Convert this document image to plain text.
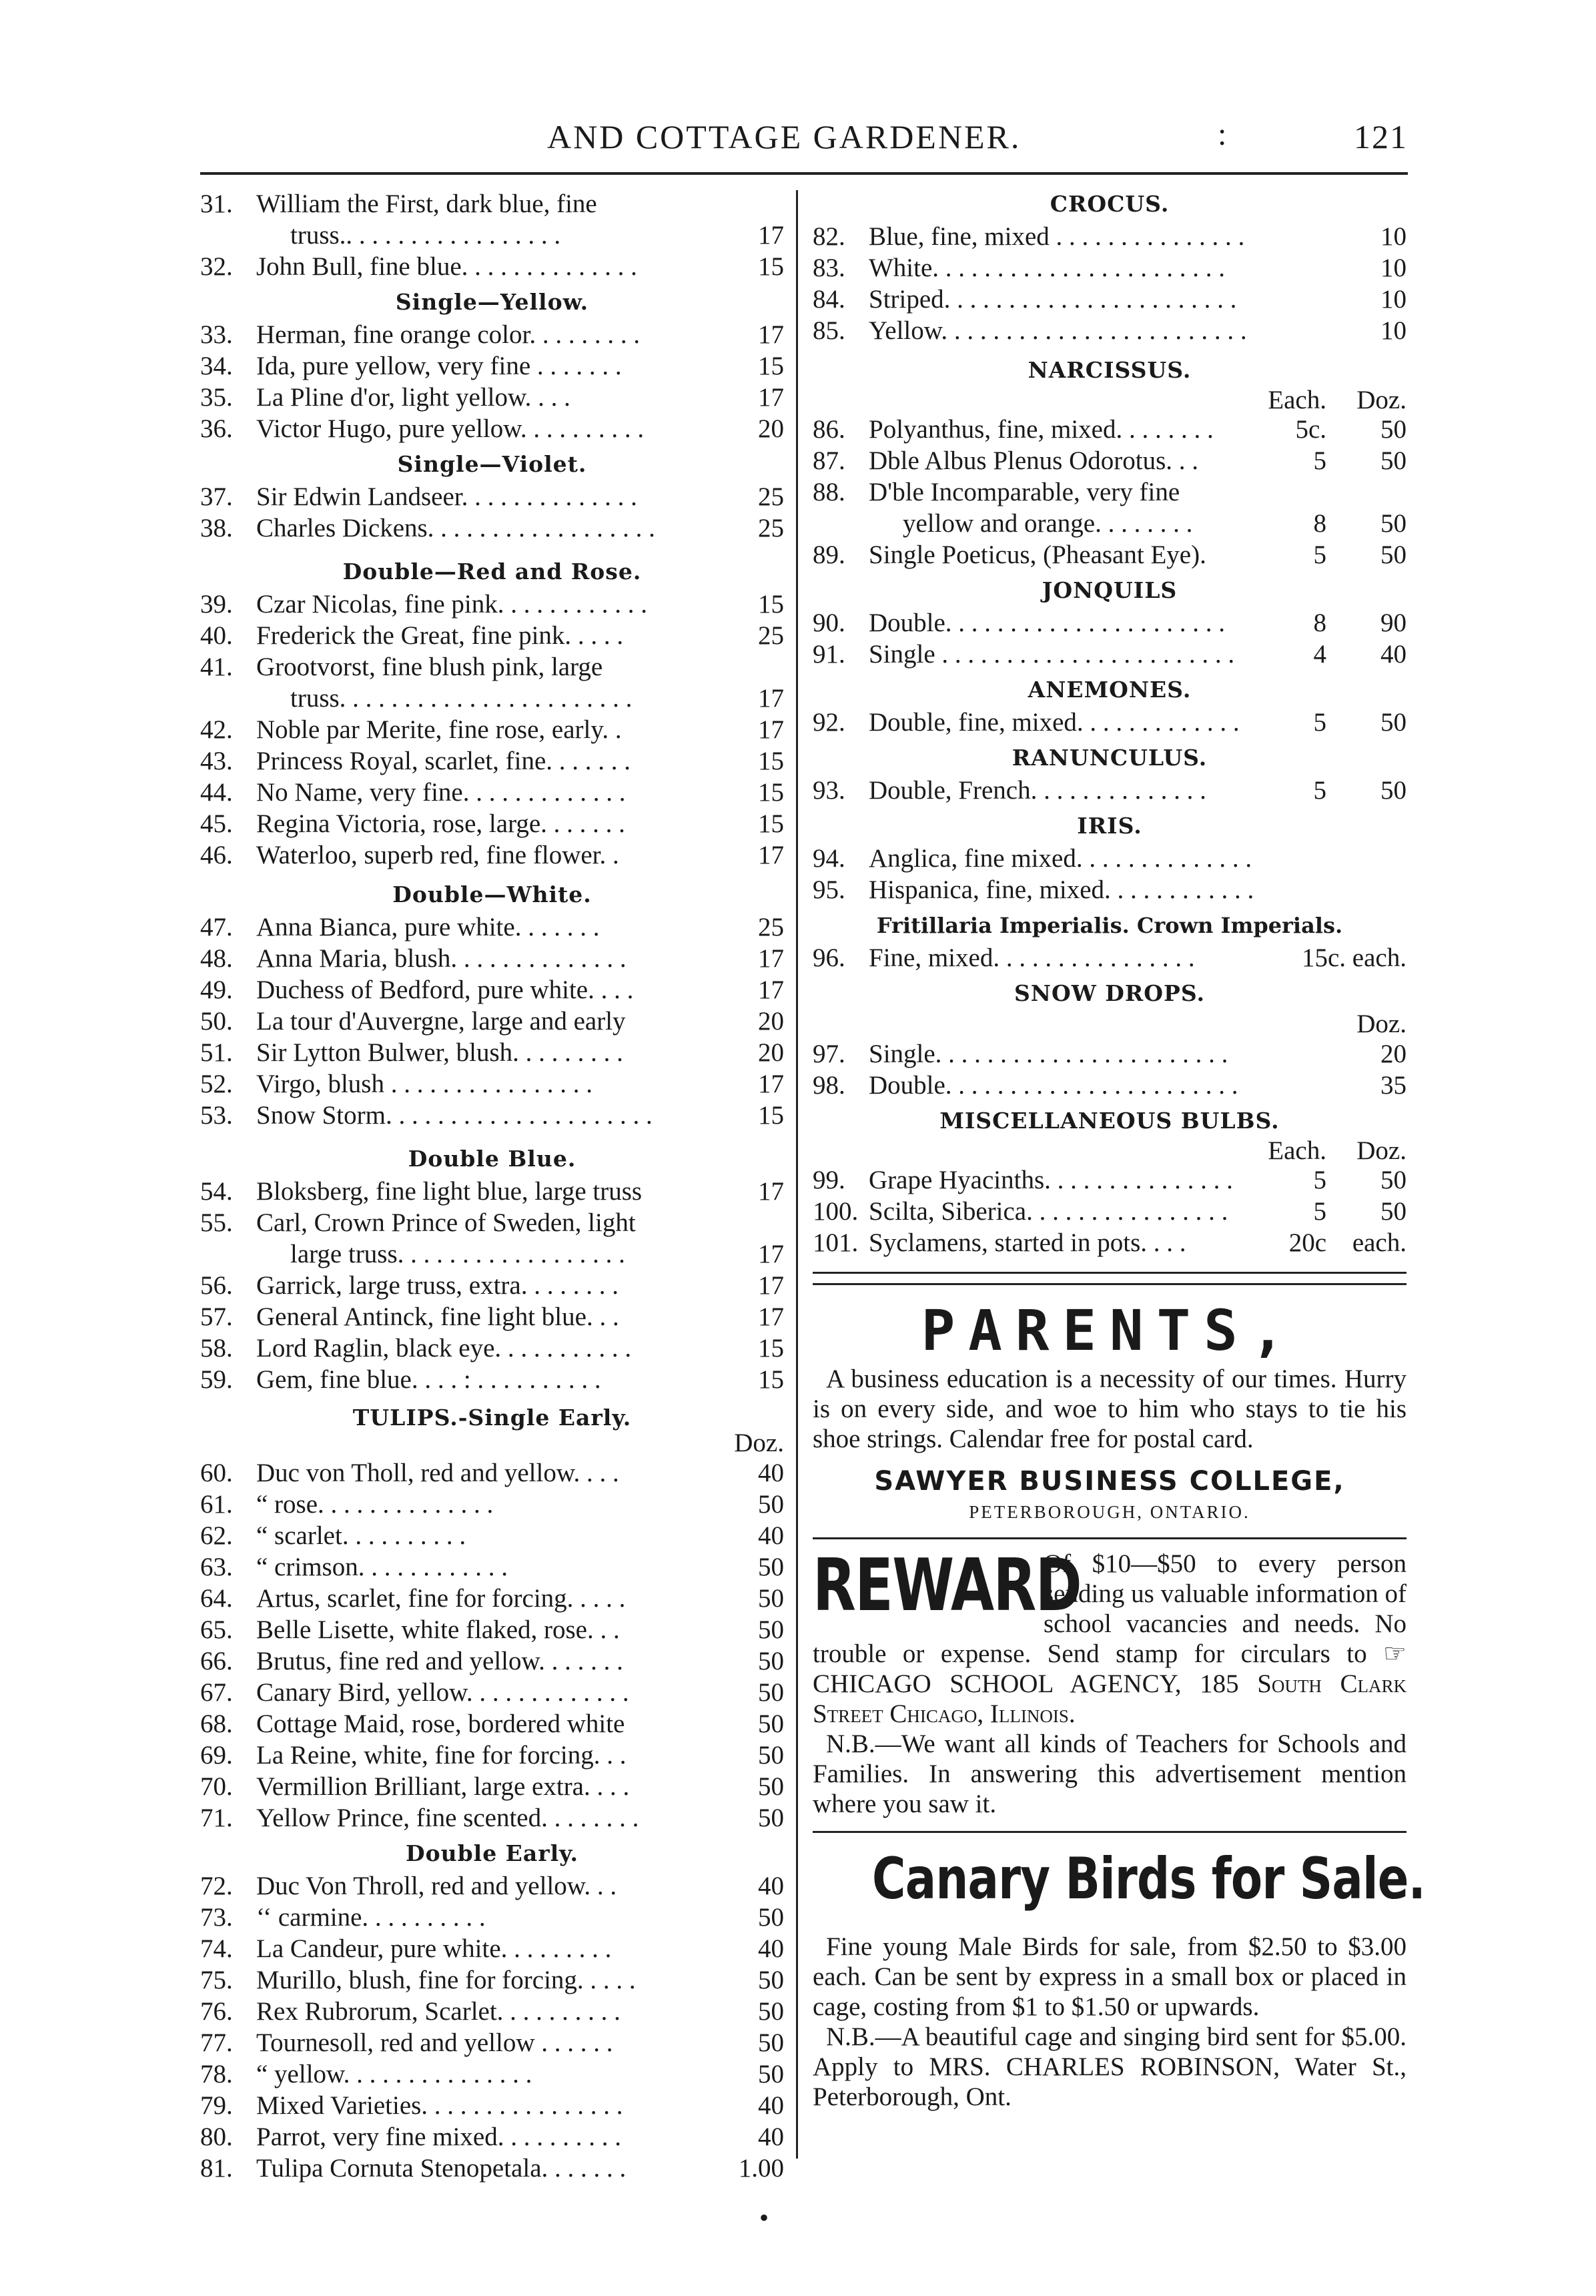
AND COTTAGE GARDENER.	:	121
31. William the First, dark blue, fine
truss.. . . . . . . . . . . . . . . . .	17
32. John Bull, fine blue. . . . . . . . . . . . . .	15
Single—Yellow.
33. Herman, fine orange color. . . . . . . . .	17
34. Ida, pure yellow, very fine . . . . . . .	15
35. La Pline d'or, light yellow. . . .	17
36. Victor Hugo, pure yellow. . . . . . . . . .	20
Single—Violet.
37. Sir Edwin Landseer. . . . . . . . . . . . . .	25
38. Charles Dickens. . . . . . . . . . . . . . . . . .	25
Double—Red and Rose.
39. Czar Nicolas, fine pink. . . . . . . . . . . .	15
40. Frederick the Great, fine pink. . . . .	25
41. Grootvorst, fine blush pink, large
truss. . . . . . . . . . . . . . . . . . . . . . .	17
42. Noble par Merite, fine rose, early. .	17
43. Princess Royal, scarlet, fine. . . . . . .	15
44. No Name, very fine. . . . . . . . . . . . .	15
45. Regina Victoria, rose, large. . . . . . .	15
46. Waterloo, superb red, fine flower. .	17
Double—White.
47. Anna Bianca, pure white. . . . . . .	25
48. Anna Maria, blush. . . . . . . . . . . . . .	17
49. Duchess of Bedford, pure white. . . .	17
50. La tour d'Auvergne, large and early	20
51. Sir Lytton Bulwer, blush. . . . . . . . .	20
52. Virgo, blush . . . . . . . . . . . . . . . .	17
53. Snow Storm. . . . . . . . . . . . . . . . . . . . .	15
Double Blue.
54. Bloksberg, fine light blue, large truss	17
55. Carl, Crown Prince of Sweden, light
large truss. . . . . . . . . . . . . . . . . .	17
56. Garrick, large truss, extra. . . . . . . .	17
57. General Antinck, fine light blue. . .	17
58. Lord Raglin, black eye. . . . . . . . . . .	15
59. Gem, fine blue. . . . : . . . . . . . . . .	15
TULIPS.-Single Early.
Doz.
60. Duc von Tholl, red and yellow. . . .	40
61. “ rose. . . . . . . . . . . . . .	50
62. “ scarlet. . . . . . . . . .	40
63. “ crimson. . . . . . . . . . . .	50
64. Artus, scarlet, fine for forcing. . . . .	50
65. Belle Lisette, white flaked, rose. . .	50
66. Brutus, fine red and yellow. . . . . . .	50
67. Canary Bird, yellow. . . . . . . . . . . . .	50
68. Cottage Maid, rose, bordered white	50
69. La Reine, white, fine for forcing. . .	50
70. Vermillion Brilliant, large extra. . . .	50
71. Yellow Prince, fine scented. . . . . . . .	50
Double Early.
72. Duc Von Throll, red and yellow. . .	40
73. ‘‘ carmine. . . . . . . . . .	50
74. La Candeur, pure white. . . . . . . . .	40
75. Murillo, blush, fine for forcing. . . . .	50
76. Rex Rubrorum, Scarlet. . . . . . . . . .	50
77. Tournesoll, red and yellow . . . . . .	50
78. “ yellow. . . . . . . . . . . . . . .	50
79. Mixed Varieties. . . . . . . . . . . . . . . .	40
80. Parrot, very fine mixed. . . . . . . . . .	40
81. Tulipa Cornuta Stenopetala. . . . . . .	1.00
CROCUS.
82. Blue, fine, mixed . . . . . . . . . . . . . . .	10
83. White. . . . . . . . . . . . . . . . . . . . . . .	10
84. Striped. . . . . . . . . . . . . . . . . . . . . . .	10
85. Yellow. . . . . . . . . . . . . . . . . . . . . . . .	10
NARCISSUS.
Each.	Doz.
86. Polyanthus, fine, mixed. . . . . . . .	5c.	50
87. Dble Albus Plenus Odorotus. . .	5	50
88. D'ble Incomparable, very fine
yellow and orange. . . . . . . .	8	50
89. Single Poeticus, (Pheasant Eye).	5	50
JONQUILS
90. Double. . . . . . . . . . . . . . . . . . . . . .	8	90
91. Single . . . . . . . . . . . . . . . . . . . . . . .	4	40
ANEMONES.
92. Double, fine, mixed. . . . . . . . . . . . .	5	50
RANUNCULUS.
93. Double, French. . . . . . . . . . . . . .	5	50
IRIS.
94. Anglica, fine mixed. . . . . . . . . . . . . .
95. Hispanica, fine, mixed. . . . . . . . . . . .
Fritillaria Imperialis. Crown Imperials.
96. Fine, mixed. . . . . . . . . . . . . . . .	15c. each.
SNOW DROPS.
Doz.
97. Single. . . . . . . . . . . . . . . . . . . . . . .	20
98. Double. . . . . . . . . . . . . . . . . . . . . . .	35
MISCELLANEOUS BULBS.
Each.	Doz.
99. Grape Hyacinths. . . . . . . . . . . . . . .	5	50
100. Scilta, Siberica. . . . . . . . . . . . . . . .	5	50
101. Syclamens, started in pots. . . .	20c each.
PARENTS,

A business education is a necessity of our times. Hurry is on every side, and woe to him who stays to tie his shoe strings. Calendar free for postal card.

SAWYER BUSINESS COLLEGE,
PETERBOROUGH, ONTARIO.
REWARD
Of $10—$50 to every person sending us valuable information of school vacancies and needs. No trouble or expense. Send stamp for circulars to ☞CHICAGO SCHOOL AGENCY, 185 South Clark Street Chicago, Illinois.

N.B.—We want all kinds of Teachers for Schools and Families. In answering this advertisement mention where you saw it.

Canary Birds for Sale.

Fine young Male Birds for sale, from $2.50 to $3.00 each. Can be sent by express in a small box or placed in cage, costing from $1 to $1.50 or upwards.

N.B.—A beautiful cage and singing bird sent for $5.00. Apply to MRS. CHARLES ROBINSON, Water St., Peterborough, Ont.

•
